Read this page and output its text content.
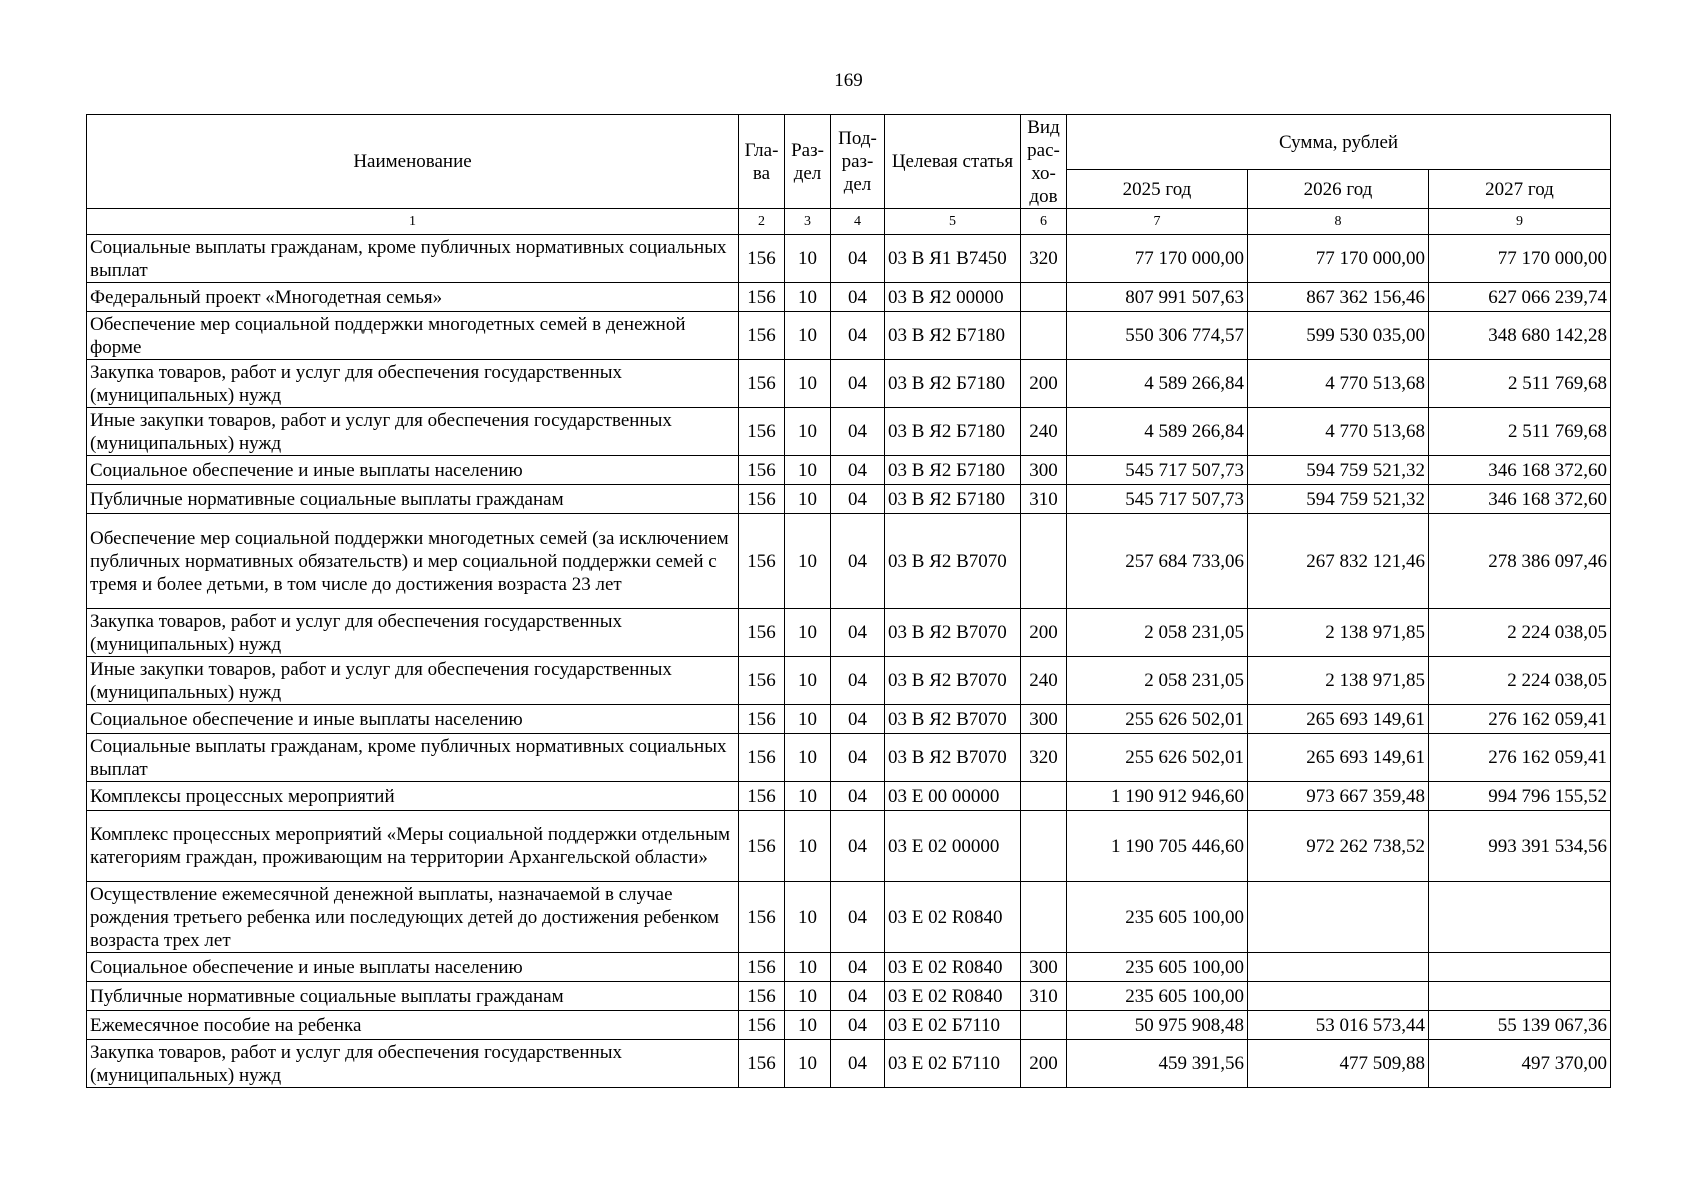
169
Наименование	Гла-ва	Раз-дел	Под-раз-дел	Целевая статья	Вид рас-хо-дов	Сумма, рублей		
						2025 год	2026 год	2027 год
1	2	3	4	5	6	7	8	9
Социальные выплаты гражданам, кроме публичных нормативных социальных выплат	156	10	04	03 В Я1 В7450	320	77 170 000,00	77 170 000,00	77 170 000,00
Федеральный проект «Многодетная семья»	156	10	04	03 В Я2 00000		807 991 507,63	867 362 156,46	627 066 239,74
Обеспечение мер социальной поддержки многодетных семей в денежной форме	156	10	04	03 В Я2 Б7180		550 306 774,57	599 530 035,00	348 680 142,28
Закупка товаров, работ и услуг для обеспечения государственных (муниципальных) нужд	156	10	04	03 В Я2 Б7180	200	4 589 266,84	4 770 513,68	2 511 769,68
Иные закупки товаров, работ и услуг для обеспечения государственных (муниципальных) нужд	156	10	04	03 В Я2 Б7180	240	4 589 266,84	4 770 513,68	2 511 769,68
Социальное обеспечение и иные выплаты населению	156	10	04	03 В Я2 Б7180	300	545 717 507,73	594 759 521,32	346 168 372,60
Публичные нормативные социальные выплаты гражданам	156	10	04	03 В Я2 Б7180	310	545 717 507,73	594 759 521,32	346 168 372,60
Обеспечение мер социальной поддержки многодетных семей (за исключением публичных нормативных обязательств) и мер социальной поддержки семей с тремя и более детьми, в том числе до достижения возраста 23 лет	156	10	04	03 В Я2 В7070		257 684 733,06	267 832 121,46	278 386 097,46
Закупка товаров, работ и услуг для обеспечения государственных (муниципальных) нужд	156	10	04	03 В Я2 В7070	200	2 058 231,05	2 138 971,85	2 224 038,05
Иные закупки товаров, работ и услуг для обеспечения государственных (муниципальных) нужд	156	10	04	03 В Я2 В7070	240	2 058 231,05	2 138 971,85	2 224 038,05
Социальное обеспечение и иные выплаты населению	156	10	04	03 В Я2 В7070	300	255 626 502,01	265 693 149,61	276 162 059,41
Социальные выплаты гражданам, кроме публичных нормативных социальных выплат	156	10	04	03 В Я2 В7070	320	255 626 502,01	265 693 149,61	276 162 059,41
Комплексы процессных мероприятий	156	10	04	03 Е 00 00000		1 190 912 946,60	973 667 359,48	994 796 155,52
Комплекс процессных мероприятий «Меры социальной поддержки отдельным категориям граждан, проживающим на территории Архангельской области»	156	10	04	03 Е 02 00000		1 190 705 446,60	972 262 738,52	993 391 534,56
Осуществление ежемесячной денежной выплаты, назначаемой в случае рождения третьего ребенка или последующих детей до достижения ребенком возраста трех лет	156	10	04	03 Е 02 R0840		235 605 100,00		
Социальное обеспечение и иные выплаты населению	156	10	04	03 Е 02 R0840	300	235 605 100,00		
Публичные нормативные социальные выплаты гражданам	156	10	04	03 Е 02 R0840	310	235 605 100,00		
Ежемесячное пособие на ребенка	156	10	04	03 Е 02 Б7110		50 975 908,48	53 016 573,44	55 139 067,36
Закупка товаров, работ и услуг для обеспечения государственных (муниципальных) нужд	156	10	04	03 Е 02 Б7110	200	459 391,56	477 509,88	497 370,00
